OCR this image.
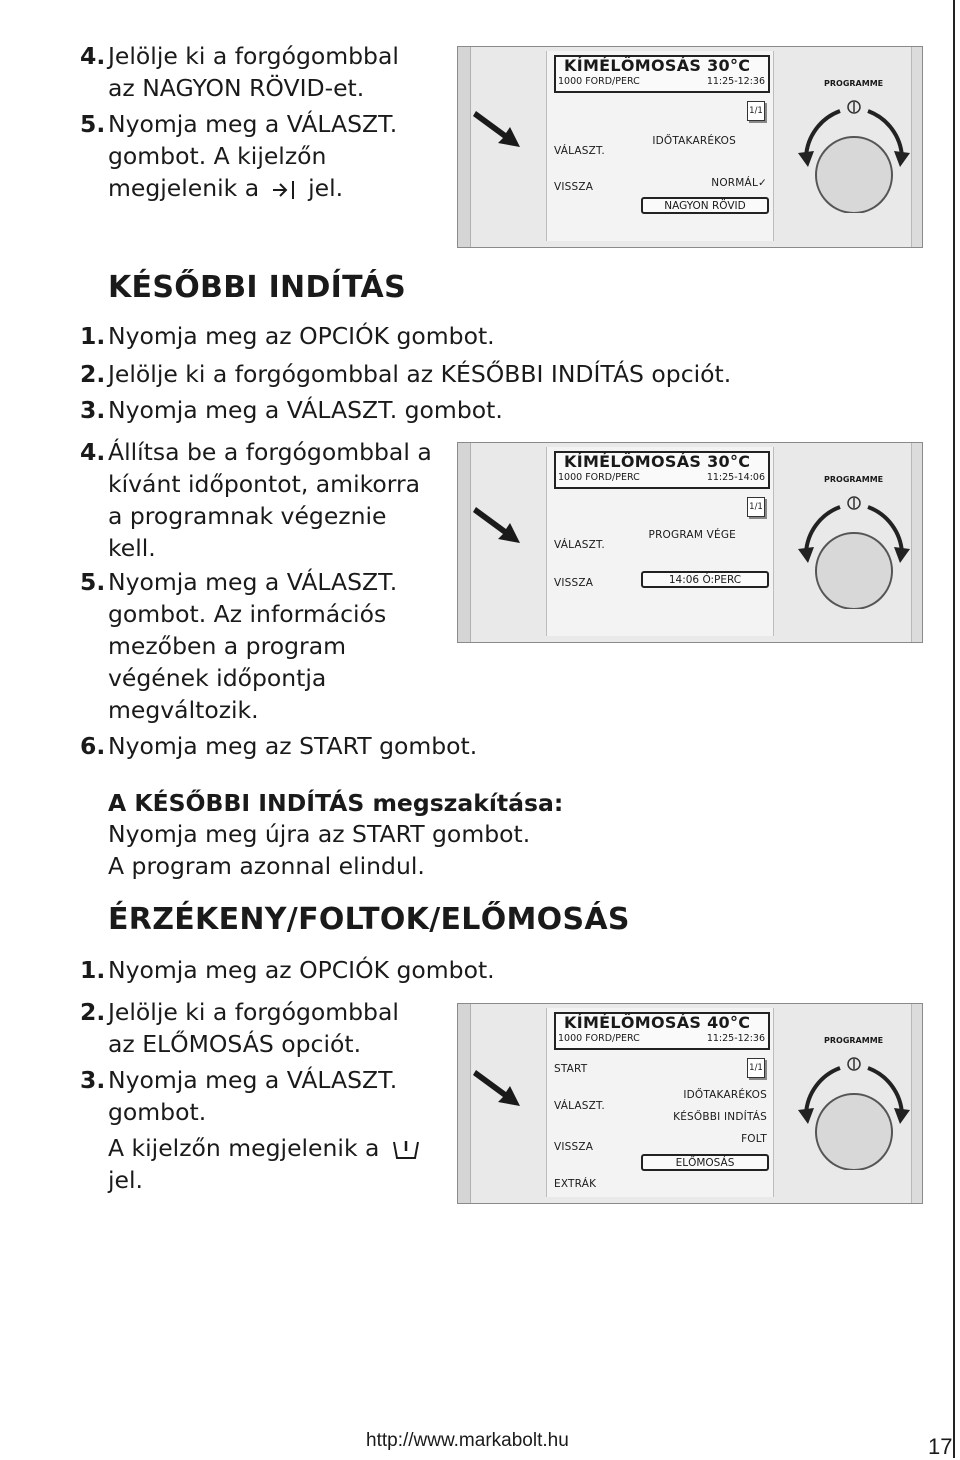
4. Jelölje ki a forgógombbal
az NAGYON RÖVID-et.
5. Nyomja meg a VÁLASZT.
gombot. A kijelzőn
megjelenik a jel.
KÉSŐBBI INDÍTÁS
1. Nyomja meg az OPCIÓK gombot.
2. Jelölje ki a forgógombbal az KÉSŐBBI INDÍTÁS opciót.
3. Nyomja meg a VÁLASZT. gombot.
4. Állítsa be a forgógombbal a
kívánt időpontot, amikorra
a programnak végeznie
kell.
5. Nyomja meg a VÁLASZT.
gombot. Az információs
mezőben a program
végének időpontja
megváltozik.
6. Nyomja meg az START gombot.
A KÉSŐBBI INDÍTÁS megszakítása:
Nyomja meg újra az START gombot.
A program azonnal elindul.
ÉRZÉKENY/FOLTOK/ELŐMOSÁS
1. Nyomja meg az OPCIÓK gombot.
2. Jelölje ki a forgógombbal
az ELŐMOSÁS opciót.
3. Nyomja meg a VÁLASZT.
gombot.
A kijelzőn megjelenik a
jel.
KÍMÉLŐMOSÁS 30°C
1000 FORD/PERC	11:25-12:36
1/1
VÁLASZT.
VISSZA
IDŐTAKARÉKOS
NORMÁL✓
NAGYON RÖVID
PROGRAMME
KÍMÉLŐMOSÁS 30°C
1000 FORD/PERC	11:25-14:06
1/1
VÁLASZT.
VISSZA
PROGRAM VÉGE
14:06 Ó:PERC
PROGRAMME
KÍMÉLŐMOSÁS 40°C
1000 FORD/PERC	11:25-12:36
1/1
START
VÁLASZT.
VISSZA
EXTRÁK
IDŐTAKARÉKOS
KÉSŐBBI INDÍTÁS
FOLT
ELŐMOSÁS
PROGRAMME
http://www.markabolt.hu	17
